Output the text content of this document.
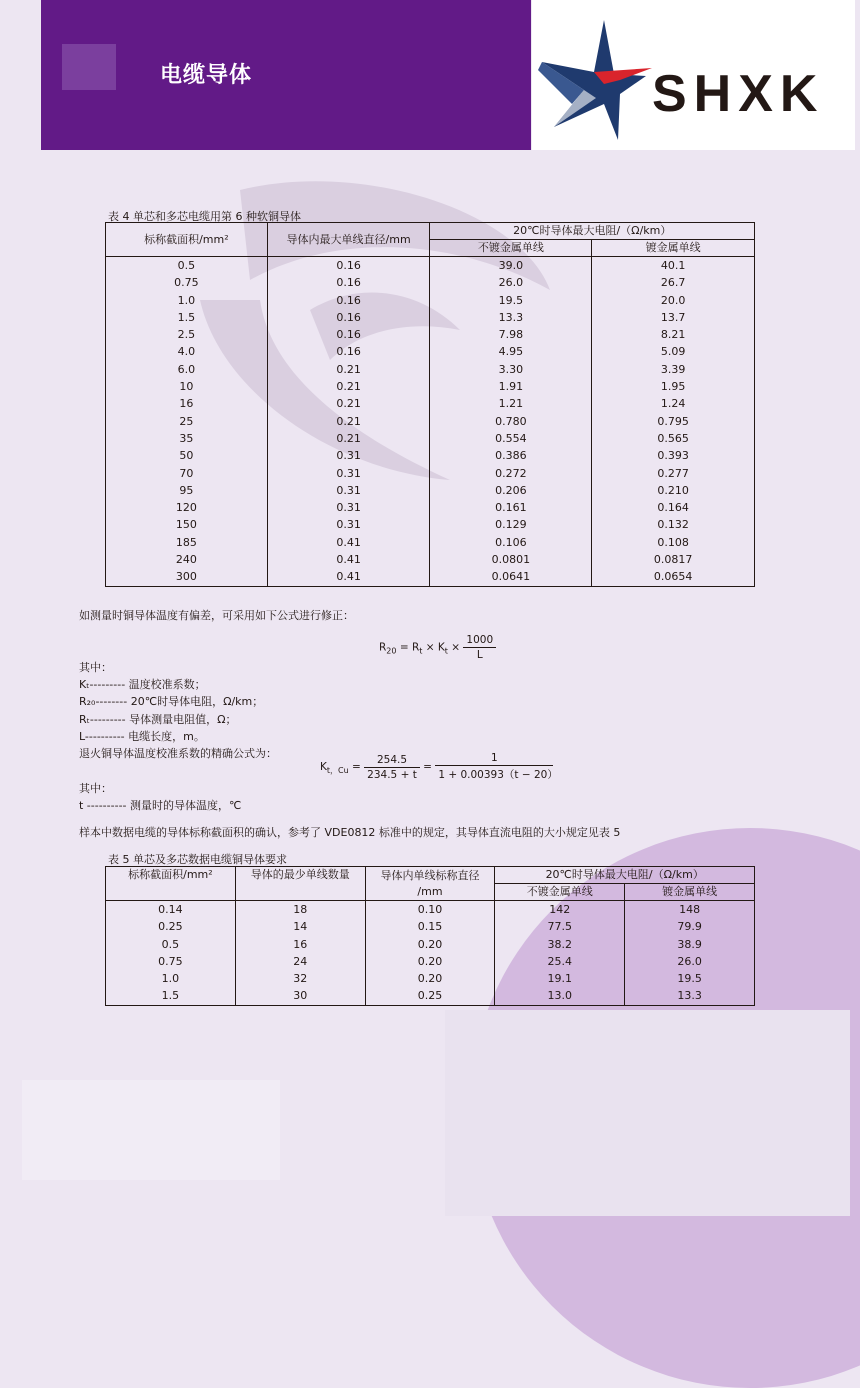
电缆导体	SHXK
表 4 单芯和多芯电缆用第 6 种软铜导体
标称截面积/mm²	导体内最大单线直径/mm	20℃时导体最大电阻/（Ω/km）	
		不镀金属单线	镀金属单线
0.5	0.16	39.0	40.1
0.75	0.16	26.0	26.7
1.0	0.16	19.5	20.0
1.5	0.16	13.3	13.7
2.5	0.16	7.98	8.21
4.0	0.16	4.95	5.09
6.0	0.21	3.30	3.39
10	0.21	1.91	1.95
16	0.21	1.21	1.24
25	0.21	0.780	0.795
35	0.21	0.554	0.565
50	0.31	0.386	0.393
70	0.31	0.272	0.277
95	0.31	0.206	0.210
120	0.31	0.161	0.164
150	0.31	0.129	0.132
185	0.41	0.106	0.108
240	0.41	0.0801	0.0817
300	0.41	0.0641	0.0654
如测量时铜导体温度有偏差，可采用如下公式进行修正：
$R_{20} = R_t \times K_t \times \frac{1000}{L}$
其中：
Kₜ--------- 温度校准系数；
R₂₀-------- 20℃时导体电阻，Ω/km；
Rₜ--------- 导体测量电阻值，Ω；
L---------- 电缆长度，m。
退火铜导体温度校准系数的精确公式为：
$K_{t,Cu} = \frac{254.5}{234.5 + t} = \frac{1}{1 + 0.00393(t - 20)}$
其中：
t ---------- 测量时的导体温度，℃
样本中数据电缆的导体标称截面积的确认，参考了 VDE0812 标准中的规定，其导体直流电阻的大小规定见表 5
表 5 单芯及多芯数据电缆铜导体要求
标称截面积/mm²	导体的最少单线数量	导体内单线标称直径
/mm	20℃时导体最大电阻/（Ω/km）	
			不镀金属单线	镀金属单线
0.14	18	0.10	142	148
0.25	14	0.15	77.5	79.9
0.5	16	0.20	38.2	38.9
0.75	24	0.20	25.4	26.0
1.0	32	0.20	19.1	19.5
1.5	30	0.25	13.0	13.3
